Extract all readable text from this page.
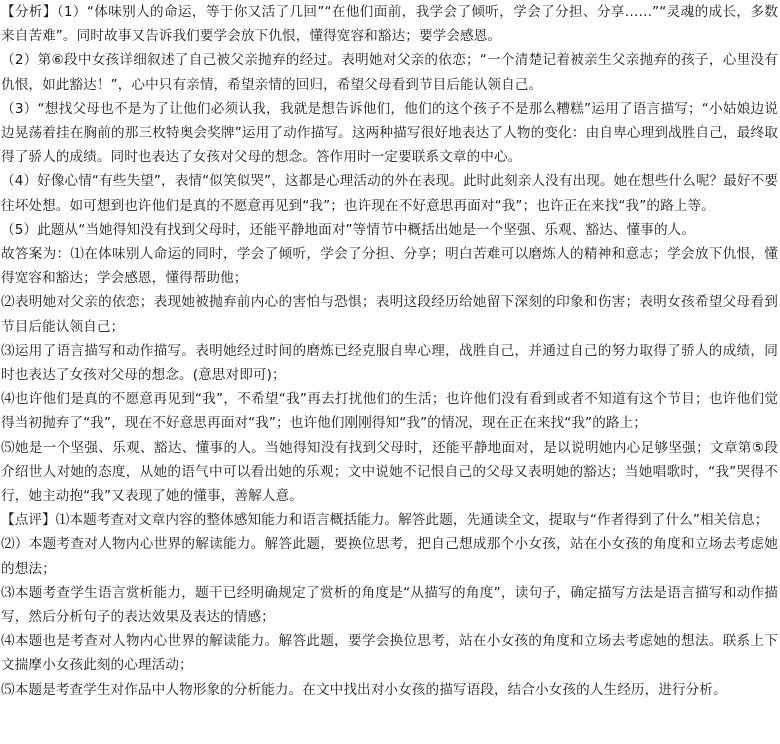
【分析】（1）“体味别人的命运，等于你又活了几回”“在他们面前，我学会了倾听，学会了分担、分享……”“灵魂的成长，多数来自苦难”。同时故事又告诉我们要学会放下仇恨，懂得宽容和豁达；要学会感恩。

（2）第⑥段中女孩详细叙述了自己被父亲抛弃的经过。表明她对父亲的依恋；“一个清楚记着被亲生父亲抛弃的孩子，心里没有仇恨，如此豁达！”，心中只有亲情，希望亲情的回归，希望父母看到节目后能认领自己。

（3）“想找父母也不是为了让他们必须认我，我就是想告诉他们，他们的这个孩子不是那么糟糕”运用了语言描写；“小姑娘边说边晃荡着挂在胸前的那三枚特奥会奖牌”运用了动作描写。这两种描写很好地表达了人物的变化：由自卑心理到战胜自己，最终取得了骄人的成绩。同时也表达了女孩对父母的想念。答作用时一定要联系文章的中心。

（4）好像心情“有些失望”，表情“似笑似哭”，这都是心理活动的外在表现。此时此刻亲人没有出现。她在想些什么呢？最好不要往坏处想。如可想到也许他们是真的不愿意再见到“我”；也许现在不好意思再面对“我”；也许正在来找“我”的路上等。

（5）此题从“当她得知没有找到父母时，还能平静地面对”等情节中概括出她是一个坚强、乐观、豁达、懂事的人。

故答案为：⑴在体味别人命运的同时，学会了倾听，学会了分担、分享；明白苦难可以磨炼人的精神和意志；学会放下仇恨，懂得宽容和豁达；学会感恩，懂得帮助他；

⑵表明她对父亲的依恋；表现她被抛弃前内心的害怕与恐惧；表明这段经历给她留下深刻的印象和伤害；表明女孩希望父母看到节目后能认领自己；

⑶运用了语言描写和动作描写。表明她经过时间的磨炼已经克服自卑心理，战胜自己，并通过自己的努力取得了骄人的成绩，同时也表达了女孩对父母的想念。(意思对即可)；

⑷也许他们是真的不愿意再见到“我”，不希望“我”再去打扰他们的生活；也许他们没有看到或者不知道有这个节目；也许他们觉得当初抛弃了“我”，现在不好意思再面对“我”；也许他们刚刚得知“我”的情况，现在正在来找“我”的路上；

⑸她是一个坚强、乐观、豁达、懂事的人。当她得知没有找到父母时，还能平静地面对，是以说明她内心足够坚强；文章第⑤段介绍世人对她的态度，从她的语气中可以看出她的乐观；文中说她不记恨自己的父母又表明她的豁达；当她唱歌时，“我”哭得不行，她主动抱“我”又表现了她的懂事，善解人意。

【点评】⑴本题考查对文章内容的整体感知能力和语言概括能力。解答此题，先通读全文，提取与“作者得到了什么”相关信息；

⑵）本题考查对人物内心世界的解读能力。解答此题，要换位思考，把自己想成那个小女孩，站在小女孩的角度和立场去考虑她的想法；

⑶本题考查学生语言赏析能力，题干已经明确规定了赏析的角度是“从描写的角度”，读句子，确定描写方法是语言描写和动作描写，然后分析句子的表达效果及表达的情感；

⑷本题也是考查对人物内心世界的解读能力。解答此题，要学会换位思考，站在小女孩的角度和立场去考虑她的想法。联系上下文揣摩小女孩此刻的心理活动；

⑸本题是考查学生对作品中人物形象的分析能力。在文中找出对小女孩的描写语段，结合小女孩的人生经历，进行分析。
